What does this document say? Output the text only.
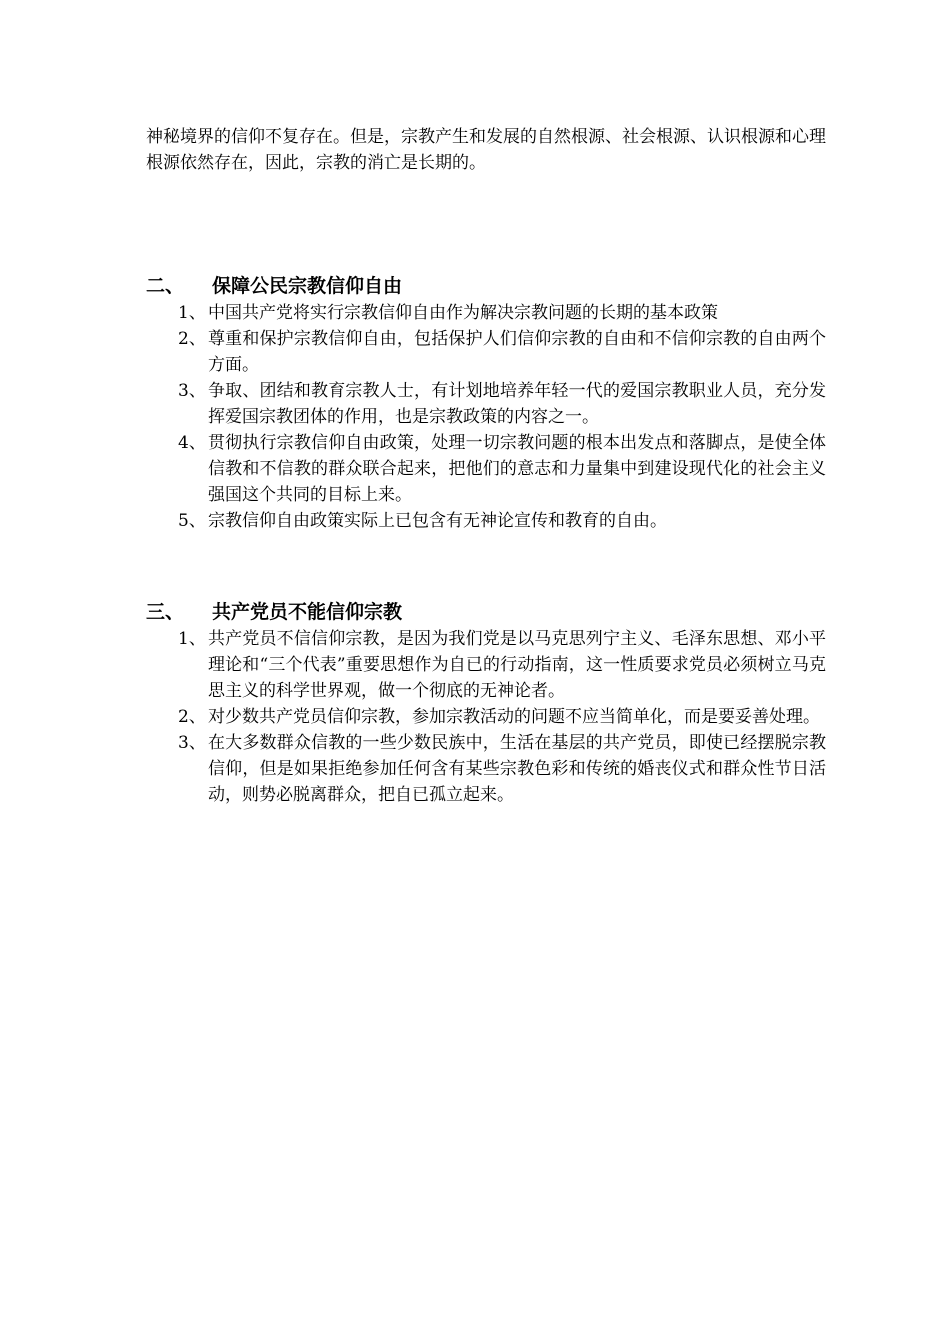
神秘境界的信仰不复存在。但是，宗教产生和发展的自然根源、社会根源、认识根源和心理根源依然存在，因此，宗教的消亡是长期的。

二、	保障公民宗教信仰自由
1、 中国共产党将实行宗教信仰自由作为解决宗教问题的长期的基本政策
2、 尊重和保护宗教信仰自由，包括保护人们信仰宗教的自由和不信仰宗教的自由两个方面。
3、 争取、团结和教育宗教人士，有计划地培养年轻一代的爱国宗教职业人员，充分发 挥爱国宗教团体的作用，也是宗教政策的内容之一。
4、 贯彻执行宗教信仰自由政策，处理一切宗教问题的根本出发点和落脚点，是使全体信教和不信教的群众联合起来，把他们的意志和力量集中到建设现代化的社会主义强国这个共同的目标上来。
5、 宗教信仰自由政策实际上已包含有无神论宣传和教育的自由。
三、	共产党员不能信仰宗教
1、 共产党员不信信仰宗教，是因为我们党是以马克思列宁主义、毛泽东思想、邓小平理论和“三个代表”重要思想作为自已的行动指南，这一性质要求党员必须树立马克思主义的科学世界观，做一个彻底的无神论者。
2、 对少数共产党员信仰宗教，参加宗教活动的问题不应当简单化，而是要妥善处理。
3、 在大多数群众信教的一些少数民族中，生活在基层的共产党员，即使已经摆脱宗教信仰，但是如果拒绝参加任何含有某些宗教色彩和传统的婚丧仪式和群众性节日活动，则势必脱离群众，把自已孤立起来。
